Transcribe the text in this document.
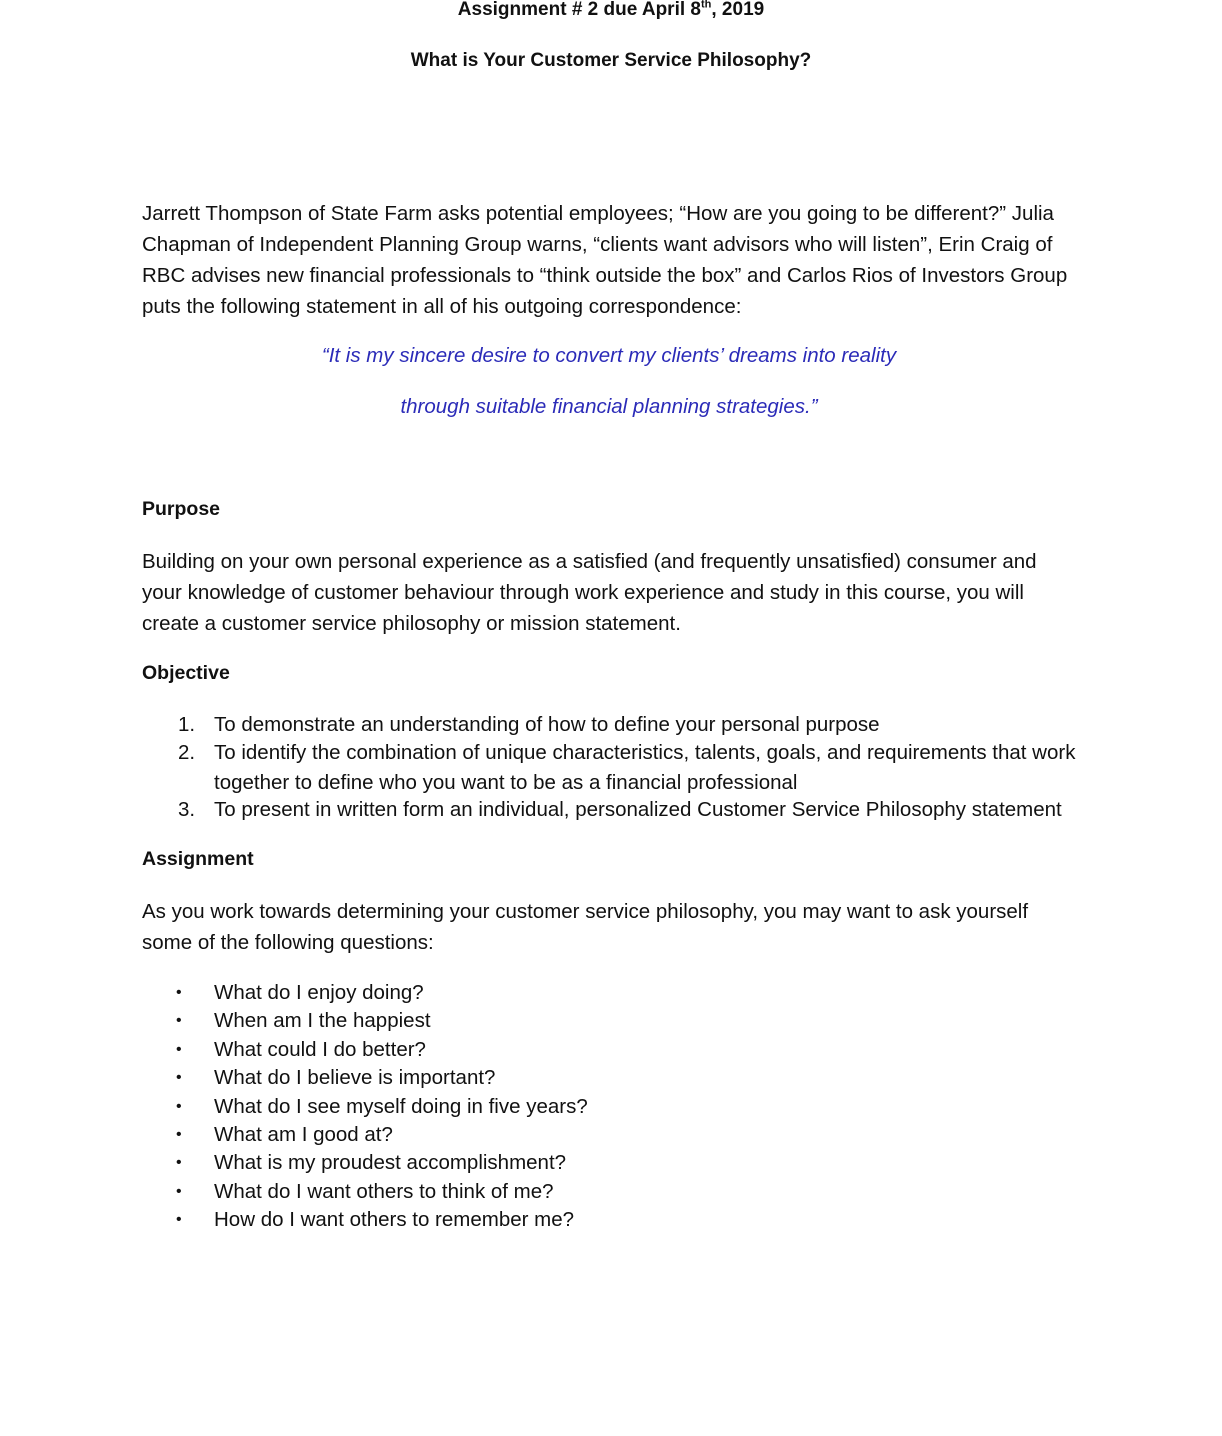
Assignment # 2 due April 8th, 2019
What is Your Customer Service Philosophy?
Jarrett Thompson of State Farm asks potential employees; “How are you going to be different?” Julia Chapman of Independent Planning Group warns, “clients want advisors who will listen”, Erin Craig of RBC advises new financial professionals to “think outside the box” and Carlos Rios of Investors Group puts the following statement in all of his outgoing correspondence:
“It is my sincere desire to convert my clients’ dreams into reality
through suitable financial planning strategies.”
Purpose
Building on your own personal experience as a satisfied (and frequently unsatisfied) consumer and your knowledge of customer behaviour through work experience and study in this course, you will create a customer service philosophy or mission statement.
Objective
1. To demonstrate an understanding of how to define your personal purpose
2. To identify the combination of unique characteristics, talents, goals, and requirements that work together to define who you want to be as a financial professional
3. To present in written form an individual, personalized Customer Service Philosophy statement
Assignment
As you work towards determining your customer service philosophy, you may want to ask yourself some of the following questions:
• What do I enjoy doing?
• When am I the happiest
• What could I do better?
• What do I believe is important?
• What do I see myself doing in five years?
• What am I good at?
• What is my proudest accomplishment?
• What do I want others to think of me?
• How do I want others to remember me?
